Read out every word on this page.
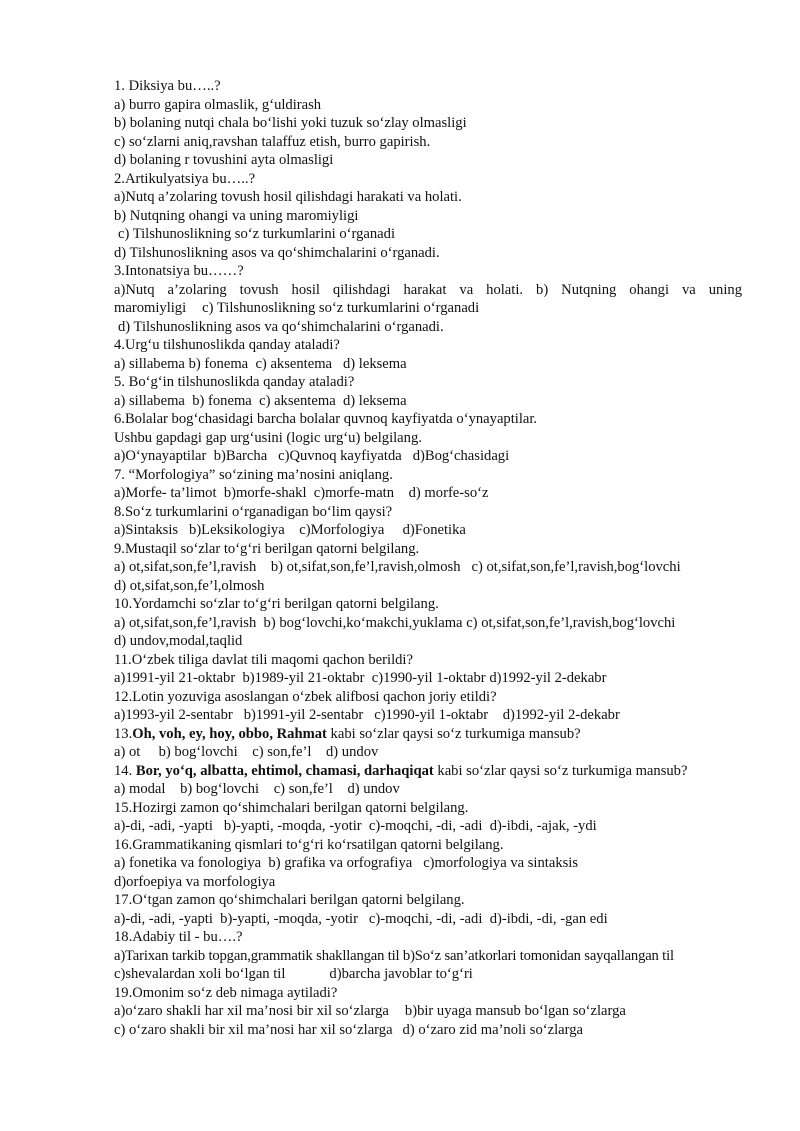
1. Diksiya bu…..?
a) burro gapira olmaslik, g‘uldirash
b) bolaning nutqi chala bo‘lishi yoki tuzuk so‘zlay olmasligi
c) so‘zlarni aniq,ravshan talaffuz etish, burro gapirish.
d) bolaning r tovushini ayta olmasligi
2.Artikulyatsiya bu…..?
a)Nutq a’zolaring tovush hosil qilishdagi harakati va holati.
b) Nutqning ohangi va uning maromiyligi
c) Tilshunoslikning so‘z turkumlarini o‘rganadi
d) Tilshunoslikning asos va qo‘shimchalarini o‘rganadi.
3.Intonatsiya bu……?
a)Nutq a’zolaring tovush hosil qilishdagi harakat va holati. b) Nutqning ohangi va uning
maromiyligi c) Tilshunoslikning so‘z turkumlarini o‘rganadi
d) Tilshunoslikning asos va qo‘shimchalarini o‘rganadi.
4.Urg‘u tilshunoslikda qanday ataladi?
a) sillabema b) fonema c) aksentema d) leksema
5. Bo‘g‘in tilshunoslikda qanday ataladi?
a) sillabema b) fonema c) aksentema d) leksema
6.Bolalar bog‘chasidagi barcha bolalar quvnoq kayfiyatda o‘ynayaptilar.
Ushbu gapdagi gap urg‘usini (logic urg‘u) belgilang.
a)O‘ynayaptilar b)Barcha c)Quvnoq kayfiyatda d)Bog‘chasidagi
7. “Morfologiya” so‘zining ma’nosini aniqlang.
a)Morfe- ta’limot b)morfe-shakl c)morfe-matn d) morfe-so‘z
8.So‘z turkumlarini o‘rganadigan bo‘lim qaysi?
a)Sintaksis b)Leksikologiya c)Morfologiya d)Fonetika
9.Mustaqil so‘zlar to‘g‘ri berilgan qatorni belgilang.
a) ot,sifat,son,fe’l,ravish b) ot,sifat,son,fe’l,ravish,olmosh c) ot,sifat,son,fe’l,ravish,bog‘lovchi
d) ot,sifat,son,fe’l,olmosh
10.Yordamchi so‘zlar to‘g‘ri berilgan qatorni belgilang.
a) ot,sifat,son,fe’l,ravish b) bog‘lovchi,ko‘makchi,yuklama c) ot,sifat,son,fe’l,ravish,bog‘lovchi
d) undov,modal,taqlid
11.O‘zbek tiliga davlat tili maqomi qachon berildi?
a)1991-yil 21-oktabr b)1989-yil 21-oktabr c)1990-yil 1-oktabr d)1992-yil 2-dekabr
12.Lotin yozuviga asoslangan o‘zbek alifbosi qachon joriy etildi?
a)1993-yil 2-sentabr b)1991-yil 2-sentabr c)1990-yil 1-oktabr d)1992-yil 2-dekabr
13.Oh, voh, ey, hoy, obbo, Rahmat kabi so‘zlar qaysi so‘z turkumiga mansub?
a) ot b) bog‘lovchi c) son,fe’l d) undov
14. Bor, yo‘q, albatta, ehtimol, chamasi, darhaqiqat kabi so‘zlar qaysi so‘z turkumiga mansub?
a) modal b) bog‘lovchi c) son,fe’l d) undov
15.Hozirgi zamon qo‘shimchalari berilgan qatorni belgilang.
a)-di, -adi, -yapti b)-yapti, -moqda, -yotir c)-moqchi, -di, -adi d)-ibdi, -ajak, -ydi
16.Grammatikaning qismlari to‘g‘ri ko‘rsatilgan qatorni belgilang.
a) fonetika va fonologiya b) grafika va orfografiya c)morfologiya va sintaksis
d)orfoepiya va morfologiya
17.O‘tgan zamon qo‘shimchalari berilgan qatorni belgilang.
a)-di, -adi, -yapti b)-yapti, -moqda, -yotir c)-moqchi, -di, -adi d)-ibdi, -di, -gan edi
18.Adabiy til - bu….?
a)Tarixan tarkib topgan,grammatik shakllangan til b)So‘z san’atkorlari tomonidan sayqallangan til
c)shevalardan xoli bo‘lgan til	d)barcha javoblar to‘g‘ri
19.Omonim so‘z deb nimaga aytiladi?
a)o‘zaro shakli har xil ma’nosi bir xil so‘zlarga b)bir uyaga mansub bo‘lgan so‘zlarga
c) o‘zaro shakli bir xil ma’nosi har xil so‘zlarga d) o‘zaro zid ma’noli so‘zlarga
